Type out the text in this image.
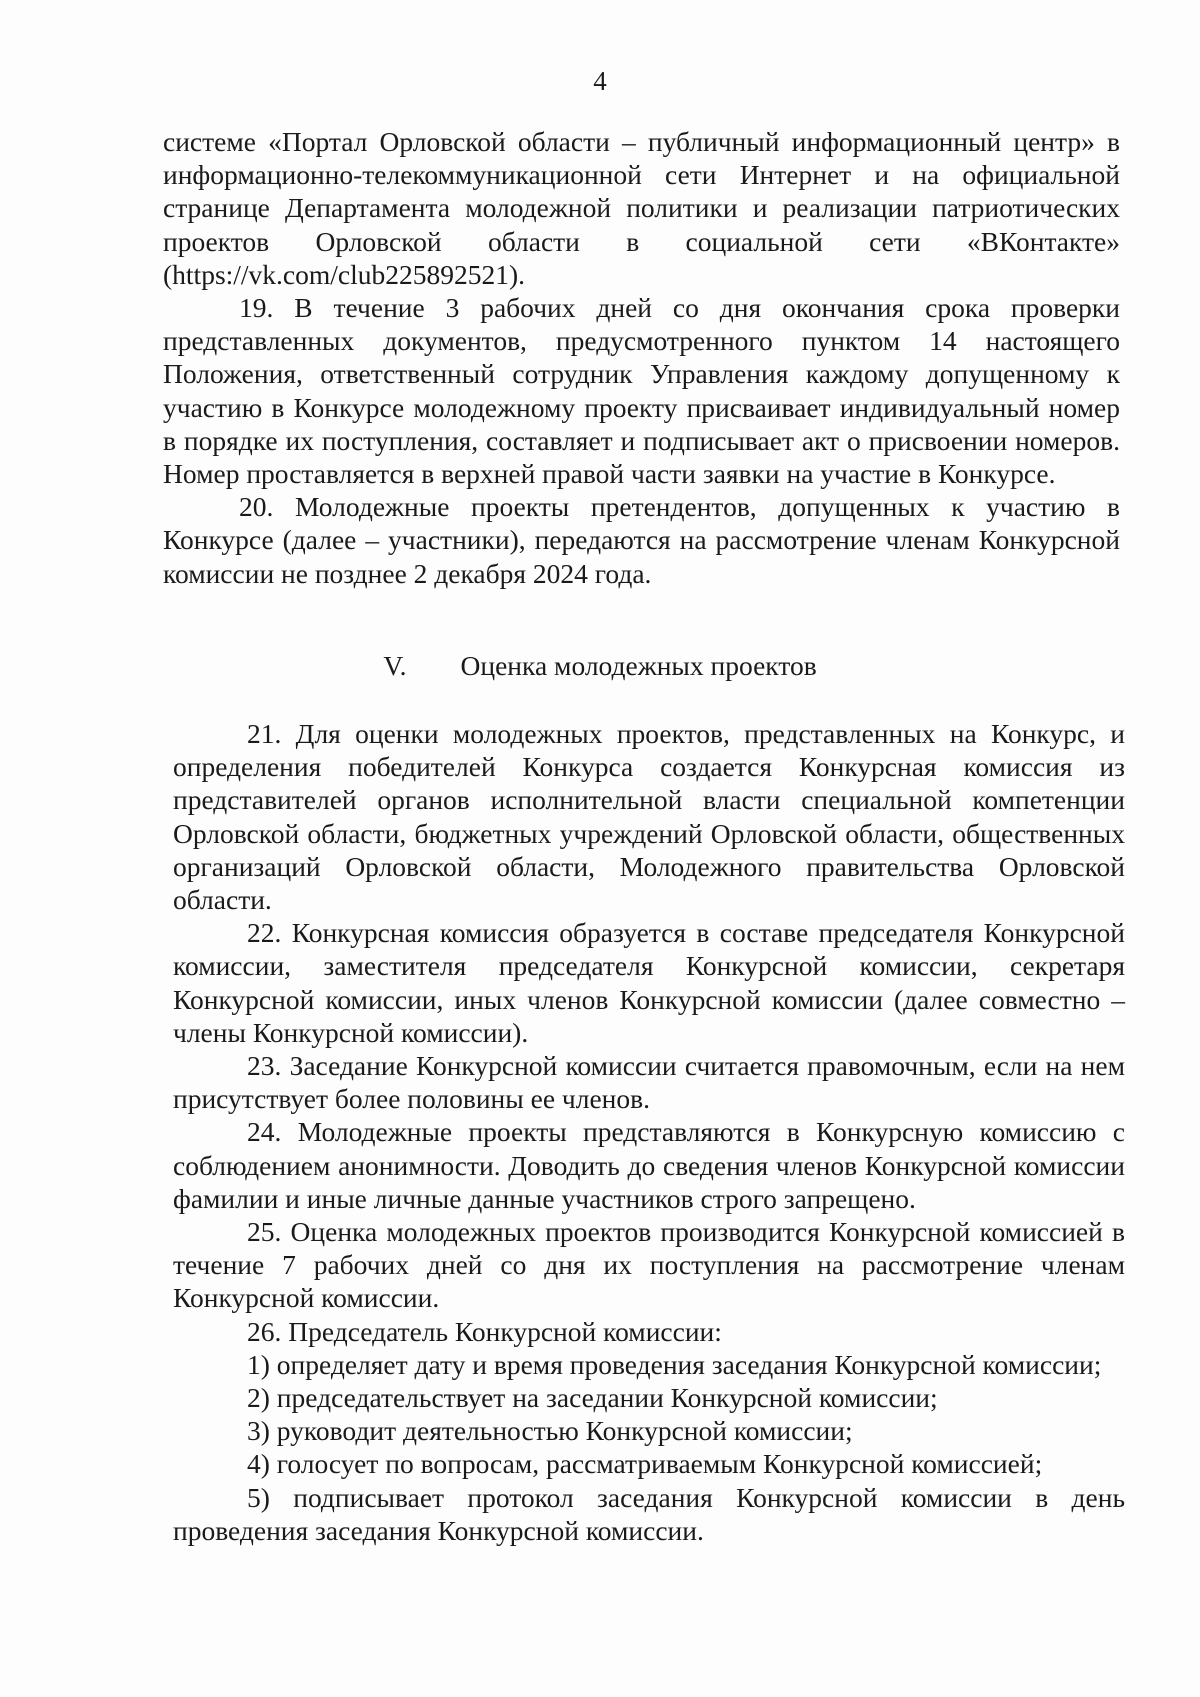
4

системе «Портал Орловской области – публичный информационный центр» в информационно-телекоммуникационной сети Интернет и на официальной странице Департамента молодежной политики и реализации патриотических проектов Орловской области в социальной сети «ВКонтакте» (https://vk.com/club225892521).

19. В течение 3 рабочих дней со дня окончания срока проверки представленных документов, предусмотренного пунктом 14 настоящего Положения, ответственный сотрудник Управления каждому допущенному к участию в Конкурсе молодежному проекту присваивает индивидуальный номер в порядке их поступления, составляет и подписывает акт о присвоении номеров. Номер проставляется в верхней правой части заявки на участие в Конкурсе.

20. Молодежные проекты претендентов, допущенных к участию в Конкурсе (далее – участники), передаются на рассмотрение членам Конкурсной комиссии не позднее 2 декабря 2024 года.

V. Оценка молодежных проектов

21. Для оценки молодежных проектов, представленных на Конкурс, и определения победителей Конкурса создается Конкурсная комиссия из представителей органов исполнительной власти специальной компетенции Орловской области, бюджетных учреждений Орловской области, общественных организаций Орловской области, Молодежного правительства Орловской области.

22. Конкурсная комиссия образуется в составе председателя Конкурсной комиссии, заместителя председателя Конкурсной комиссии, секретаря Конкурсной комиссии, иных членов Конкурсной комиссии (далее совместно – члены Конкурсной комиссии).

23. Заседание Конкурсной комиссии считается правомочным, если на нем присутствует более половины ее членов.

24. Молодежные проекты представляются в Конкурсную комиссию с соблюдением анонимности. Доводить до сведения членов Конкурсной комиссии фамилии и иные личные данные участников строго запрещено.

25. Оценка молодежных проектов производится Конкурсной комиссией в течение 7 рабочих дней со дня их поступления на рассмотрение членам Конкурсной комиссии.

26. Председатель Конкурсной комиссии:

1) определяет дату и время проведения заседания Конкурсной комиссии;

2) председательствует на заседании Конкурсной комиссии;

3) руководит деятельностью Конкурсной комиссии;

4) голосует по вопросам, рассматриваемым Конкурсной комиссией;

5) подписывает протокол заседания Конкурсной комиссии в день проведения заседания Конкурсной комиссии.
